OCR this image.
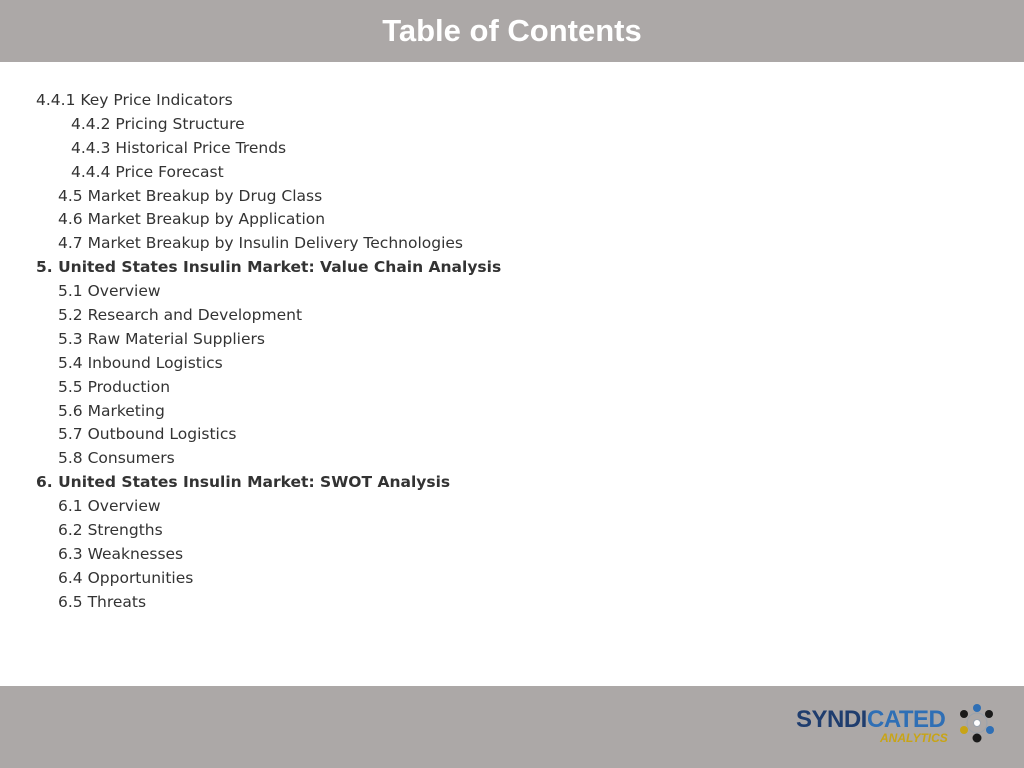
Table of Contents
4.4.1 Key Price Indicators
4.4.2 Pricing Structure
4.4.3 Historical Price Trends
4.4.4 Price Forecast
4.5 Market Breakup by Drug Class
4.6 Market Breakup by Application
4.7 Market Breakup by Insulin Delivery Technologies
5. United States Insulin Market: Value Chain Analysis
5.1 Overview
5.2 Research and Development
5.3 Raw Material Suppliers
5.4 Inbound Logistics
5.5 Production
5.6 Marketing
5.7 Outbound Logistics
5.8 Consumers
6. United States Insulin Market: SWOT Analysis
6.1 Overview
6.2 Strengths
6.3 Weaknesses
6.4 Opportunities
6.5 Threats
SYNDI CATED
ANALYTICS
